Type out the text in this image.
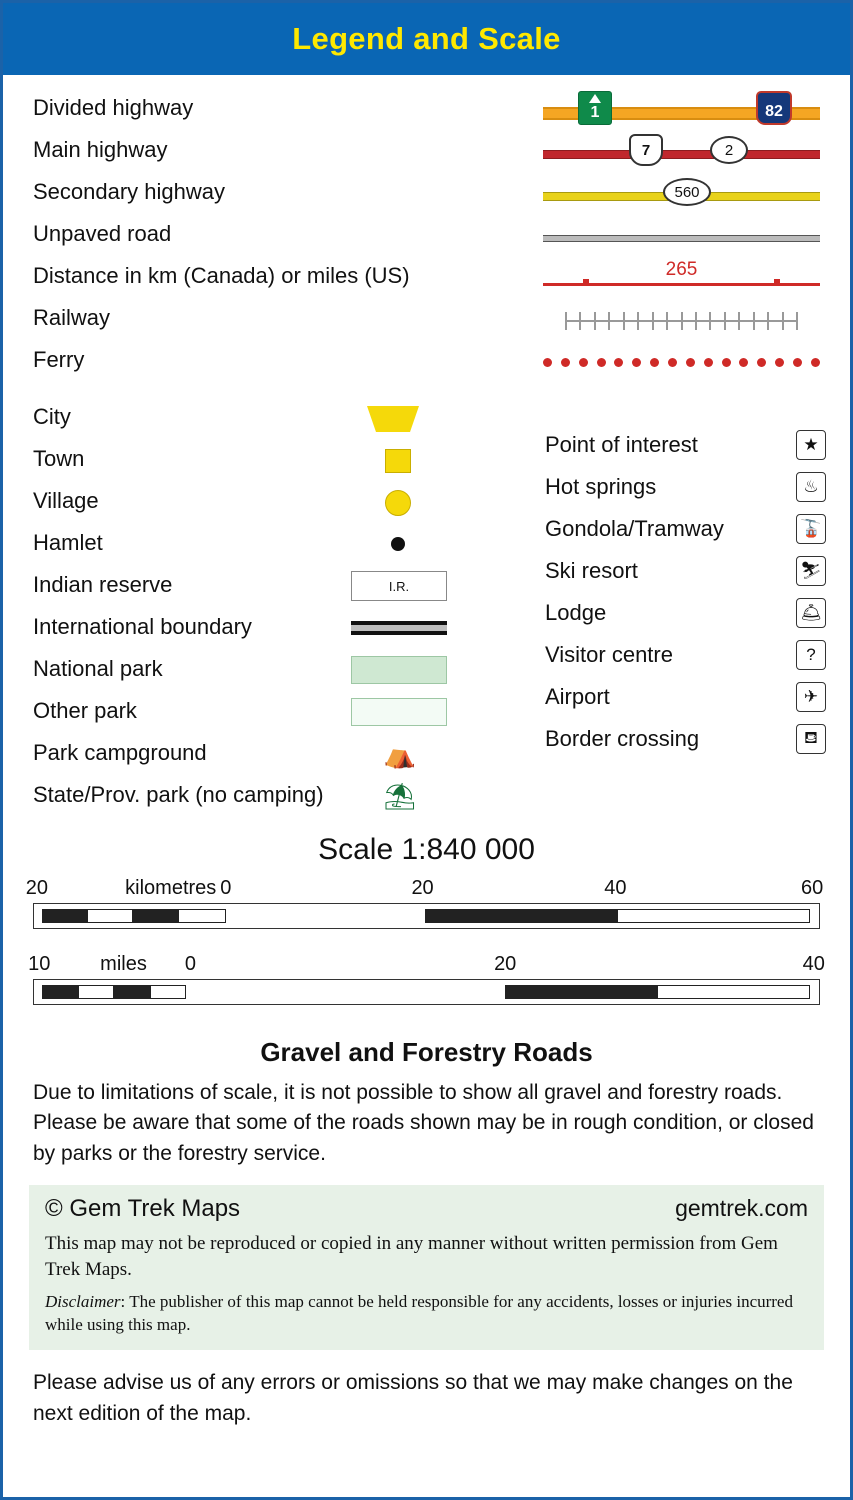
Legend and Scale
Divided highway	1	82
Main highway	7	2
Secondary highway	560
Unpaved road
Distance in km (Canada) or miles (US)	265
Railway
Ferry
City
Town
Village
Hamlet
Indian reserve	I.R.
International boundary
National park
Other park
Park campground	⛺
State/Prov. park (no camping) ⛱
Point of interest	★
Hot springs	♨
Gondola/Tramway	🚡
Ski resort	⛷
Lodge	🛎
Visitor centre	?
Airport	✈
Border crossing	⛾
Scale 1:840 000
20	kilometres 0	20	40	60
10 miles 0	20	40
Gravel and Forestry Roads
Due to limitations of scale, it is not possible to show all gravel and forestry roads. Please be aware that some of the roads shown may be in rough condition, or closed by parks or the forestry service.
© Gem Trek Maps	gemtrek.com
This map may not be reproduced or copied in any manner without written permission from Gem Trek Maps.
Disclaimer: The publisher of this map cannot be held responsible for any accidents, losses or injuries incurred while using this map.
Please advise us of any errors or omissions so that we may make changes on the next edition of the map.
